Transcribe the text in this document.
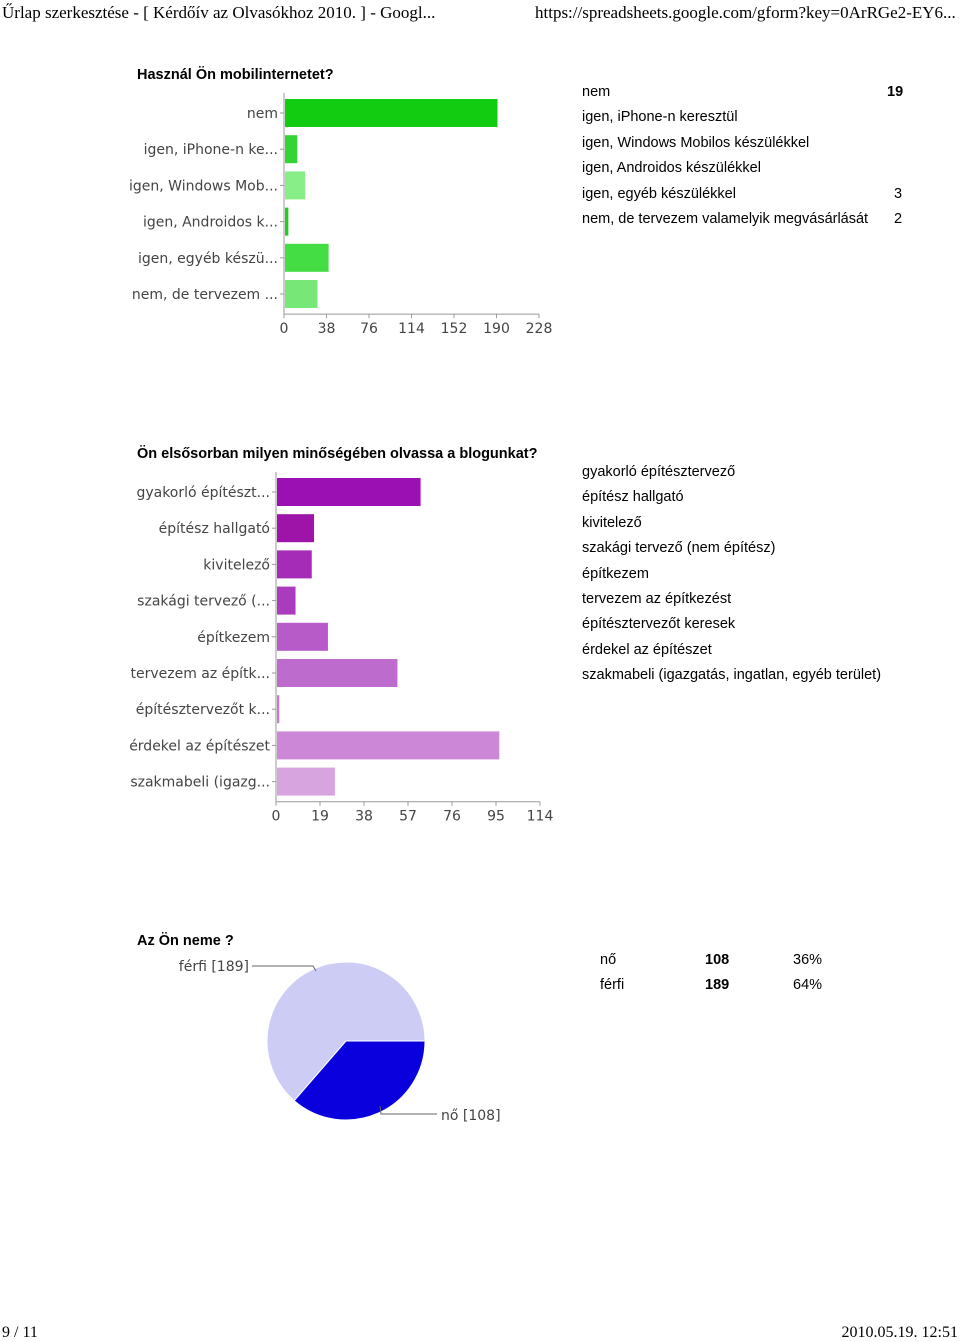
Űrlap szerkesztése - [ Kérdőív az Olvasókhoz 2010. ] - Googl...	https://spreadsheets.google.com/gform?key=0ArRGe2-EY6...
Használ Ön mobilinternetet?
nem
igen, iPhone-n ke...
igen, Windows Mob...
igen, Androidos k...
igen, egyéb készü...
nem, de tervezem ...
0 38 76 114 152 190 228
nem	19
igen, iPhone-n keresztül
igen, Windows Mobilos készülékkel
igen, Androidos készülékkel
igen, egyéb készülékkel	3
nem, de tervezem valamelyik megvásárlását 2
Ön elsősorban milyen minőségében olvassa a blogunkat?
gyakorló építészt...
építész hallgató
kivitelező
szakági tervező (...
építkezem
tervezem az építk...
építésztervezőt k...
érdekel az építészet
szakmabeli (igazg...
0 19 38 57 76 95 114
gyakorló építésztervező
építész hallgató
kivitelező
szakági tervező (nem építész)
építkezem
tervezem az építkezést
építésztervezőt keresek
érdekel az építészet
szakmabeli (igazgatás, ingatlan, egyéb terület)
Az Ön neme ?
férfi [189]
nő [108]
nő	108	36%
férfi	189	64%
9 / 11	2010.05.19. 12:51
